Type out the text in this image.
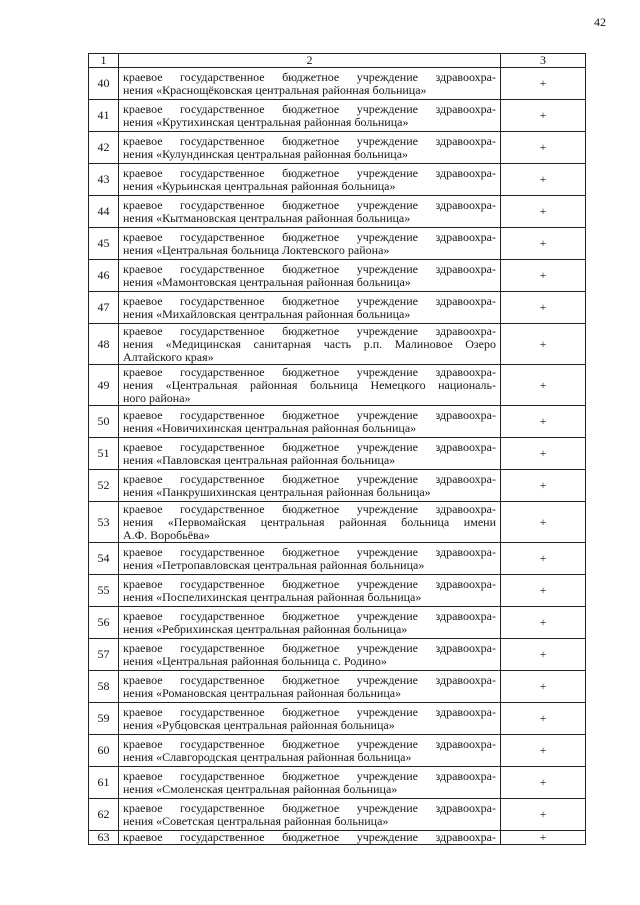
42
1	2	3
40	краевое государственное бюджетное учреждение здравоохра-
нения «Краснощёковская центральная районная больница»	+
41	краевое государственное бюджетное учреждение здравоохра-
нения «Крутихинская центральная районная больница»	+
42	краевое государственное бюджетное учреждение здравоохра-
нения «Кулундинская центральная районная больница»	+
43	краевое государственное бюджетное учреждение здравоохра-
нения «Курьинская центральная районная больница»	+
44	краевое государственное бюджетное учреждение здравоохра-
нения «Кытмановская центральная районная больница»	+
45	краевое государственное бюджетное учреждение здравоохра-
нения «Центральная больница Локтевского района»	+
46	краевое государственное бюджетное учреждение здравоохра-
нения «Мамонтовская центральная районная больница»	+
47	краевое государственное бюджетное учреждение здравоохра-
нения «Михайловская центральная районная больница»	+
48	краевое государственное бюджетное учреждение здравоохра-
нения «Медицинская санитарная часть р.п. Малиновое Озеро
Алтайского края»	+
49	краевое государственное бюджетное учреждение здравоохра-
нения «Центральная районная больница Немецкого националь-
ного района»	+
50	краевое государственное бюджетное учреждение здравоохра-
нения «Новичихинская центральная районная больница»	+
51	краевое государственное бюджетное учреждение здравоохра-
нения «Павловская центральная районная больница»	+
52	краевое государственное бюджетное учреждение здравоохра-
нения «Панкрушихинская центральная районная больница»	+
53	краевое государственное бюджетное учреждение здравоохра-
нения «Первомайская центральная районная больница имени
А.Ф. Воробьёва»	+
54	краевое государственное бюджетное учреждение здравоохра-
нения «Петропавловская центральная районная больница»	+
55	краевое государственное бюджетное учреждение здравоохра-
нения «Поспелихинская центральная районная больница»	+
56	краевое государственное бюджетное учреждение здравоохра-
нения «Ребрихинская центральная районная больница»	+
57	краевое государственное бюджетное учреждение здравоохра-
нения «Центральная районная больница с. Родино»	+
58	краевое государственное бюджетное учреждение здравоохра-
нения «Романовская центральная районная больница»	+
59	краевое государственное бюджетное учреждение здравоохра-
нения «Рубцовская центральная районная больница»	+
60	краевое государственное бюджетное учреждение здравоохра-
нения «Славгородская центральная районная больница»	+
61	краевое государственное бюджетное учреждение здравоохра-
нения «Смоленская центральная районная больница»	+
62	краевое государственное бюджетное учреждение здравоохра-
нения «Советская центральная районная больница»	+
63	краевое государственное бюджетное учреждение здравоохра-	+
